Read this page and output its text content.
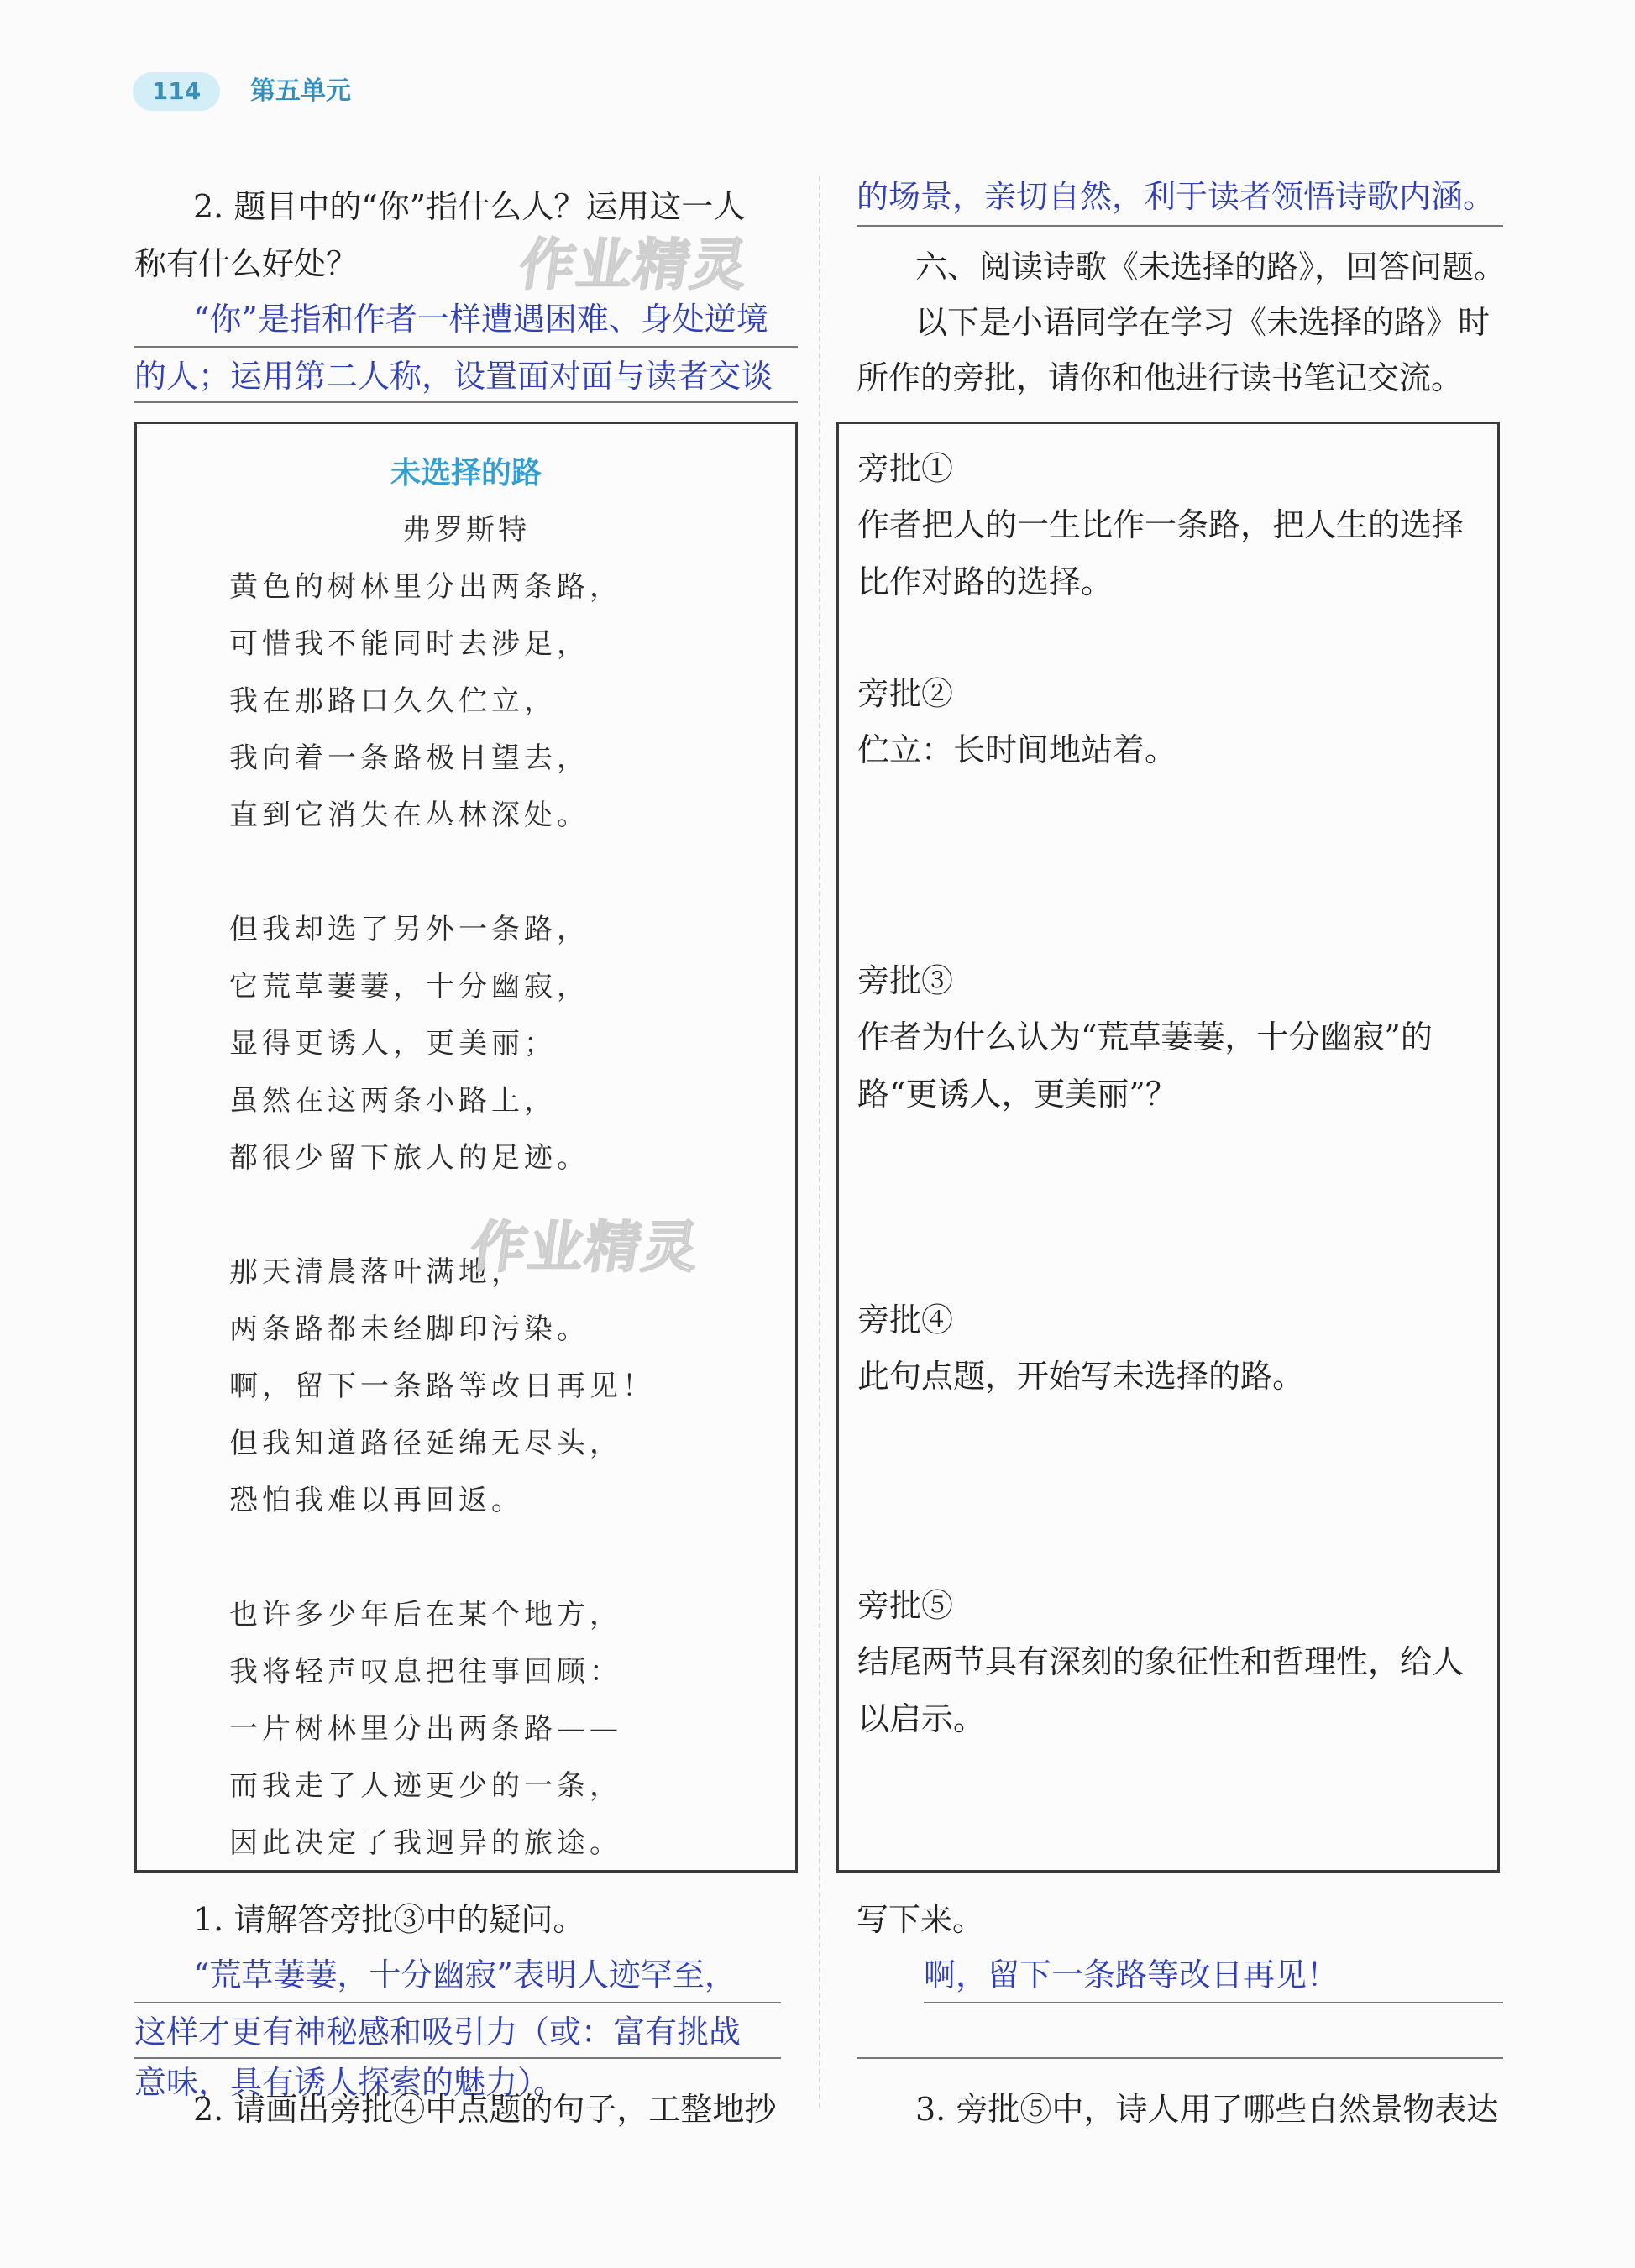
114	第五单元
2. 题目中的“你”指什么人？运用这一人
称有什么好处？
“你”是指和作者一样遭遇困难、身处逆境
的人；运用第二人称，设置面对面与读者交谈
的场景，亲切自然，利于读者领悟诗歌内涵。
六、阅读诗歌《未选择的路》，回答问题。
以下是小语同学在学习《未选择的路》时
所作的旁批，请你和他进行读书笔记交流。
未选择的路
弗罗斯特
黄色的树林里分出两条路，
可惜我不能同时去涉足，
我在那路口久久伫立，
我向着一条路极目望去，
直到它消失在丛林深处。
但我却选了另外一条路，
它荒草萋萋，十分幽寂，
显得更诱人，更美丽；
虽然在这两条小路上，
都很少留下旅人的足迹。
那天清晨落叶满地，
两条路都未经脚印污染。
啊，留下一条路等改日再见！
但我知道路径延绵无尽头，
恐怕我难以再回返。
也许多少年后在某个地方，
我将轻声叹息把往事回顾：
一片树林里分出两条路——
而我走了人迹更少的一条，
因此决定了我迥异的旅途。
旁批①
作者把人的一生比作一条路，把人生的选择比作对路的选择。
旁批②
伫立：长时间地站着。
旁批③
作者为什么认为“荒草萋萋，十分幽寂”的路“更诱人，更美丽”？
旁批④
此句点题，开始写未选择的路。
旁批⑤
结尾两节具有深刻的象征性和哲理性，给人以启示。
1. 请解答旁批③中的疑问。
“荒草萋萋，十分幽寂”表明人迹罕至，
这样才更有神秘感和吸引力（或：富有挑战
意味，具有诱人探索的魅力）。
2. 请画出旁批④中点题的句子，工整地抄
写下来。
啊，留下一条路等改日再见！
3. 旁批⑤中，诗人用了哪些自然景物表达
作业精灵
作业精灵
